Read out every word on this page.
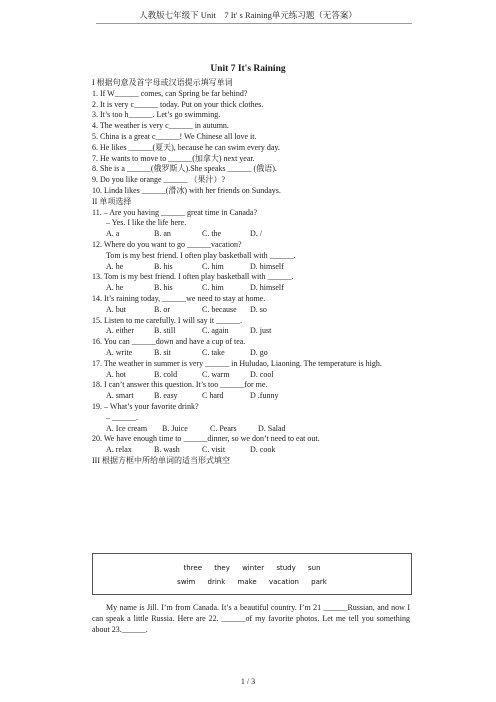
人教版七年级下 Unit　7 It' s Raining单元练习题（无答案）
Unit 7 It's Raining
I 根据句意及首字母或汉语提示填写单词
1. If W______ comes, can Spring be far behind?
2. It is very c______ today. Put on your thick clothes.
3. It’s too h______. Let’s go swimming.
4. The weather is very c______ in autumn.
5. China is a great c______! We Chinese all love it.
6. He likes ______(夏天), because he can swim every day.
7. He wants to move to ______(加拿大) next year.
8. She is a ______(俄罗斯人).She speaks ______ (俄语).
9. Do you like orange ______ （果汁）?
10. Linda likes ______(滑冰) with her friends on Sundays.
II 单项选择
11. – Are you having ______ great time in Canada?
– Yes. I like the life here.
A. a	B. an	C. the	D. /
12. Where do you want to go ______vacation?
Tom is my best friend. I often play basketball with ______.
A. he	B. his	C. him	D. himself
13. Tom is my best friend. I often play basketball with ______.
A. he	B. his	C. him	D. himself
14. It’s raining today, ______we need to stay at home.
A. but	B. or	C. because	D. so
15. Listen to me carefully. I will say it ______.
A. either	B. still	C. again	D. just
16. You can ______down and have a cup of tea.
A. write	B. sit	C. take	D. go
17. The weather in summer is very ______ in Huludao, Liaoning. The temperature is high.
A. hot	B. cold	C. warm	D. cool
18. I can’t answer this question. It’s too ______for me.
A. smart	B. easy	C hard	D .funny
19. – What’s your favorite drink?
– ______.
A. Ice cream	B. Juice	C. Pears	D. Salad
20. We have enough time to ______dinner, so we don’t need to eat out.
A. relax	B. wash	C. visit	D. cook
III 根据方框中所给单词的适当形式填空
three they winter study sun
swim drink make vacation park
My name is Jill. I’m from Canada. It’s a beautiful country. I’m 21 ______Russian, and now I can speak a little Russia. Here are 22. ______of my favorite photos. Let me tell you something about 23.______.
1 / 3
